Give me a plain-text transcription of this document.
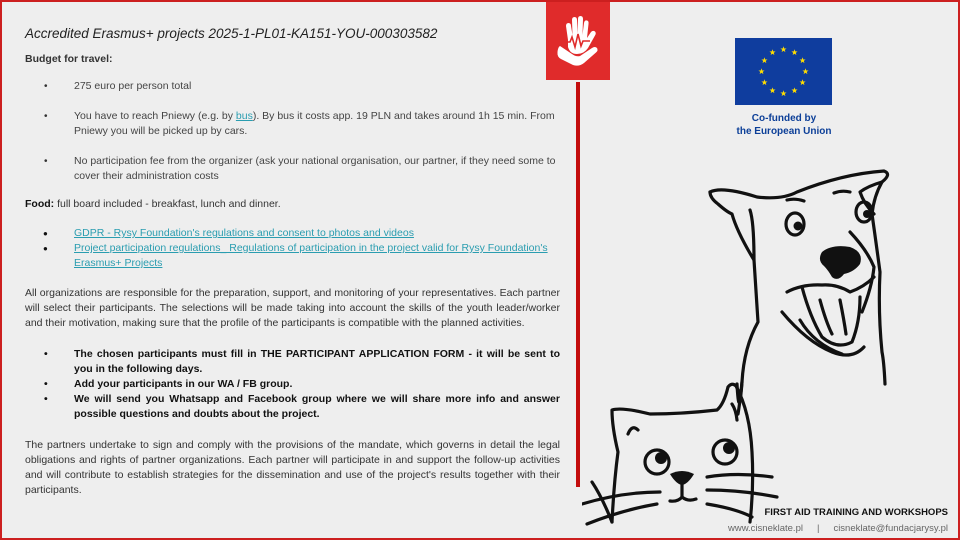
Accredited Erasmus+ projects 2025-1-PL01-KA151-YOU-000303582
Budget for travel:
• 275 euro per person total
• You have to reach Pniewy (e.g. by bus). By bus it costs app. 19 PLN and takes around 1h 15 min. From Pniewy you will be picked up by cars.
• No participation fee from the organizer (ask your national organisation, our partner, if they need some to cover their administration costs
Food: full board included - breakfast, lunch and dinner.
● GDPR - Rysy Foundation's regulations and consent to photos and videos
● Project participation regulations_ Regulations of participation in the project valid for Rysy Foundation's Erasmus+ Projects

All organizations are responsible for the preparation, support, and monitoring of your representatives. Each partner will select their participants. The selections will be made taking into account the skills of the youth leader/worker and their motivation, making sure that the profile of the participants is compatible with the planned activities.

• The chosen participants must fill in THE PARTICIPANT APPLICATION FORM - it will be sent to you in the following days.
• Add your participants in our WA / FB group.
• We will send you Whatsapp and Facebook group where we will share more info and answer possible questions and doubts about the project.

The partners undertake to sign and comply with the provisions of the mandate, which governs in detail the legal obligations and rights of partner organizations. Each partner will participate in and support the follow-up activities and will contribute to establish strategies for the dissemination and use of the project's results together with their participants.

Co-funded by
the European Union
FIRST AID TRAINING AND WORKSHOPS
www.cisneklate.pl | cisneklate@fundacjarysy.pl
